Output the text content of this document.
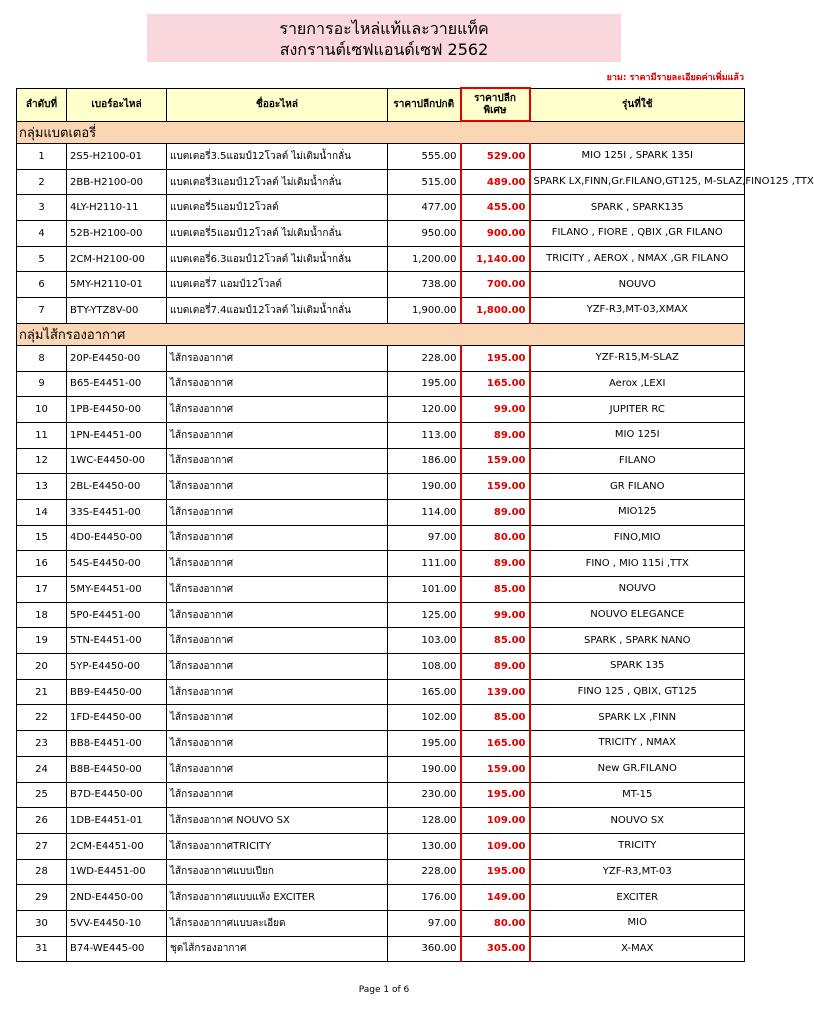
รายการอะไหล่แท้และวายแท็ค
สงกรานต์เซฟแอนด์เซฟ 2562
ยาม: ราคามีรายละเอียดค่าเพิ่มแล้ว
ลำดับที่	เบอร์อะไหล่	ชื่ออะไหล่	ราคาปลีกปกติ	ราคาปลีกพิเศษ	รุ่นที่ใช้
กลุ่มแบตเตอรี่					
1	2S5-H2100-01	แบตเตอรี่3.5แอมป์12โวลต์ ไม่เติมน้ำกลั่น	555.00	529.00	MIO 125I , SPARK 135I
2	2BB-H2100-00	แบตเตอรี่3แอมป์12โวลต์ ไม่เติมน้ำกลั่น	515.00	489.00	SPARK LX,FINN,Gr.FILANO,GT125, M-SLAZ,FINO125 ,TTX
3	4LY-H2110-11	แบตเตอรี่5แอมป์12โวลต์	477.00	455.00	SPARK , SPARK135
4	52B-H2100-00	แบตเตอรี่5แอมป์12โวลต์ ไม่เติมน้ำกลั่น	950.00	900.00	FILANO , FIORE , QBIX ,GR FILANO
5	2CM-H2100-00	แบตเตอรี่6.3แอมป์12โวลต์ ไม่เติมน้ำกลั่น	1,200.00	1,140.00	TRICITY , AEROX , NMAX ,GR FILANO
6	5MY-H2110-01	แบตเตอรี่7 แอมป์12โวลต์	738.00	700.00	NOUVO
7	BTY-YTZ8V-00	แบตเตอรี่7.4แอมป์12โวลต์ ไม่เติมน้ำกลั่น	1,900.00	1,800.00	YZF-R3,MT-03,XMAX
กลุ่มไส้กรองอากาศ					
8	20P-E4450-00	ไส้กรองอากาศ	228.00	195.00	YZF-R15,M-SLAZ
9	B65-E4451-00	ไส้กรองอากาศ	195.00	165.00	Aerox ,LEXI
10	1PB-E4450-00	ไส้กรองอากาศ	120.00	99.00	JUPITER RC
11	1PN-E4451-00	ไส้กรองอากาศ	113.00	89.00	MIO 125I
12	1WC-E4450-00	ไส้กรองอากาศ	186.00	159.00	FILANO
13	2BL-E4450-00	ไส้กรองอากาศ	190.00	159.00	GR FILANO
14	33S-E4451-00	ไส้กรองอากาศ	114.00	89.00	MIO125
15	4D0-E4450-00	ไส้กรองอากาศ	97.00	80.00	FINO,MIO
16	54S-E4450-00	ไส้กรองอากาศ	111.00	89.00	FINO , MIO 115i ,TTX
17	5MY-E4451-00	ไส้กรองอากาศ	101.00	85.00	NOUVO
18	5P0-E4451-00	ไส้กรองอากาศ	125.00	99.00	NOUVO ELEGANCE
19	5TN-E4451-00	ไส้กรองอากาศ	103.00	85.00	SPARK , SPARK NANO
20	5YP-E4450-00	ไส้กรองอากาศ	108.00	89.00	SPARK 135
21	BB9-E4450-00	ไส้กรองอากาศ	165.00	139.00	FINO 125 , QBIX, GT125
22	1FD-E4450-00	ไส้กรองอากาศ	102.00	85.00	SPARK LX ,FINN
23	BB8-E4451-00	ไส้กรองอากาศ	195.00	165.00	TRICITY , NMAX
24	B8B-E4450-00	ไส้กรองอากาศ	190.00	159.00	New GR.FILANO
25	B7D-E4450-00	ไส้กรองอากาศ	230.00	195.00	MT-15
26	1DB-E4451-01	ไส้กรองอากาศ NOUVO SX	128.00	109.00	NOUVO SX
27	2CM-E4451-00	ไส้กรองอากาศTRICITY	130.00	109.00	TRICITY
28	1WD-E4451-00	ไส้กรองอากาศแบบเปียก	228.00	195.00	YZF-R3,MT-03
29	2ND-E4450-00	ไส้กรองอากาศแบบแห้ง EXCITER	176.00	149.00	EXCITER
30	5VV-E4450-10	ไส้กรองอากาศแบบละเอียด	97.00	80.00	MIO
31	B74-WE445-00	ชุดไส้กรองอากาศ	360.00	305.00	X-MAX
Page 1 of 6
